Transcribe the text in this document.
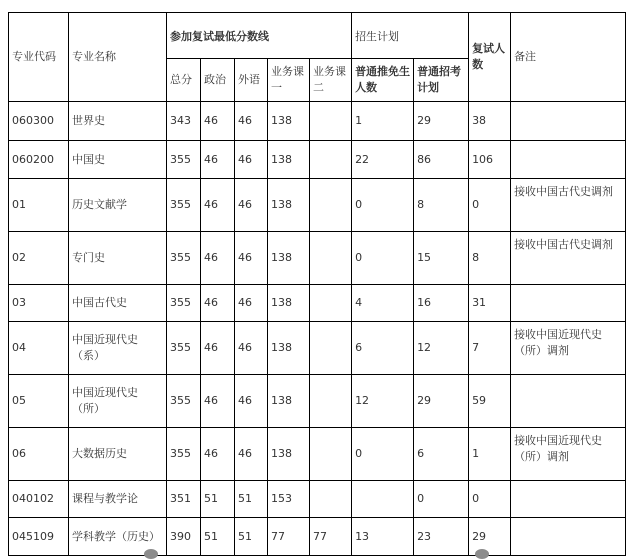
专业代码	专业名称	参加复试最低分数线					招生计划		复试人数	备注
		总分	政治	外语	业务课一	业务课二	普通推免生人数	普通招考计划		
060300	世界史	343	46	46	138		1	29	38	
060200	中国史	355	46	46	138		22	86	106	
01	历史文献学	355	46	46	138		0	8	0	接收中国古代史调剂
02	专门史	355	46	46	138		0	15	8	接收中国古代史调剂
03	中国古代史	355	46	46	138		4	16	31	
04	中国近现代史（系）	355	46	46	138		6	12	7	接收中国近现代史（所）调剂
05	中国近现代史（所）	355	46	46	138		12	29	59	
06	大数据历史	355	46	46	138		0	6	1	接收中国近现代史（所）调剂
040102	课程与教学论	351	51	51	153			0	0	
045109	学科教学（历史）	390	51	51	77	77	13	23	29	
